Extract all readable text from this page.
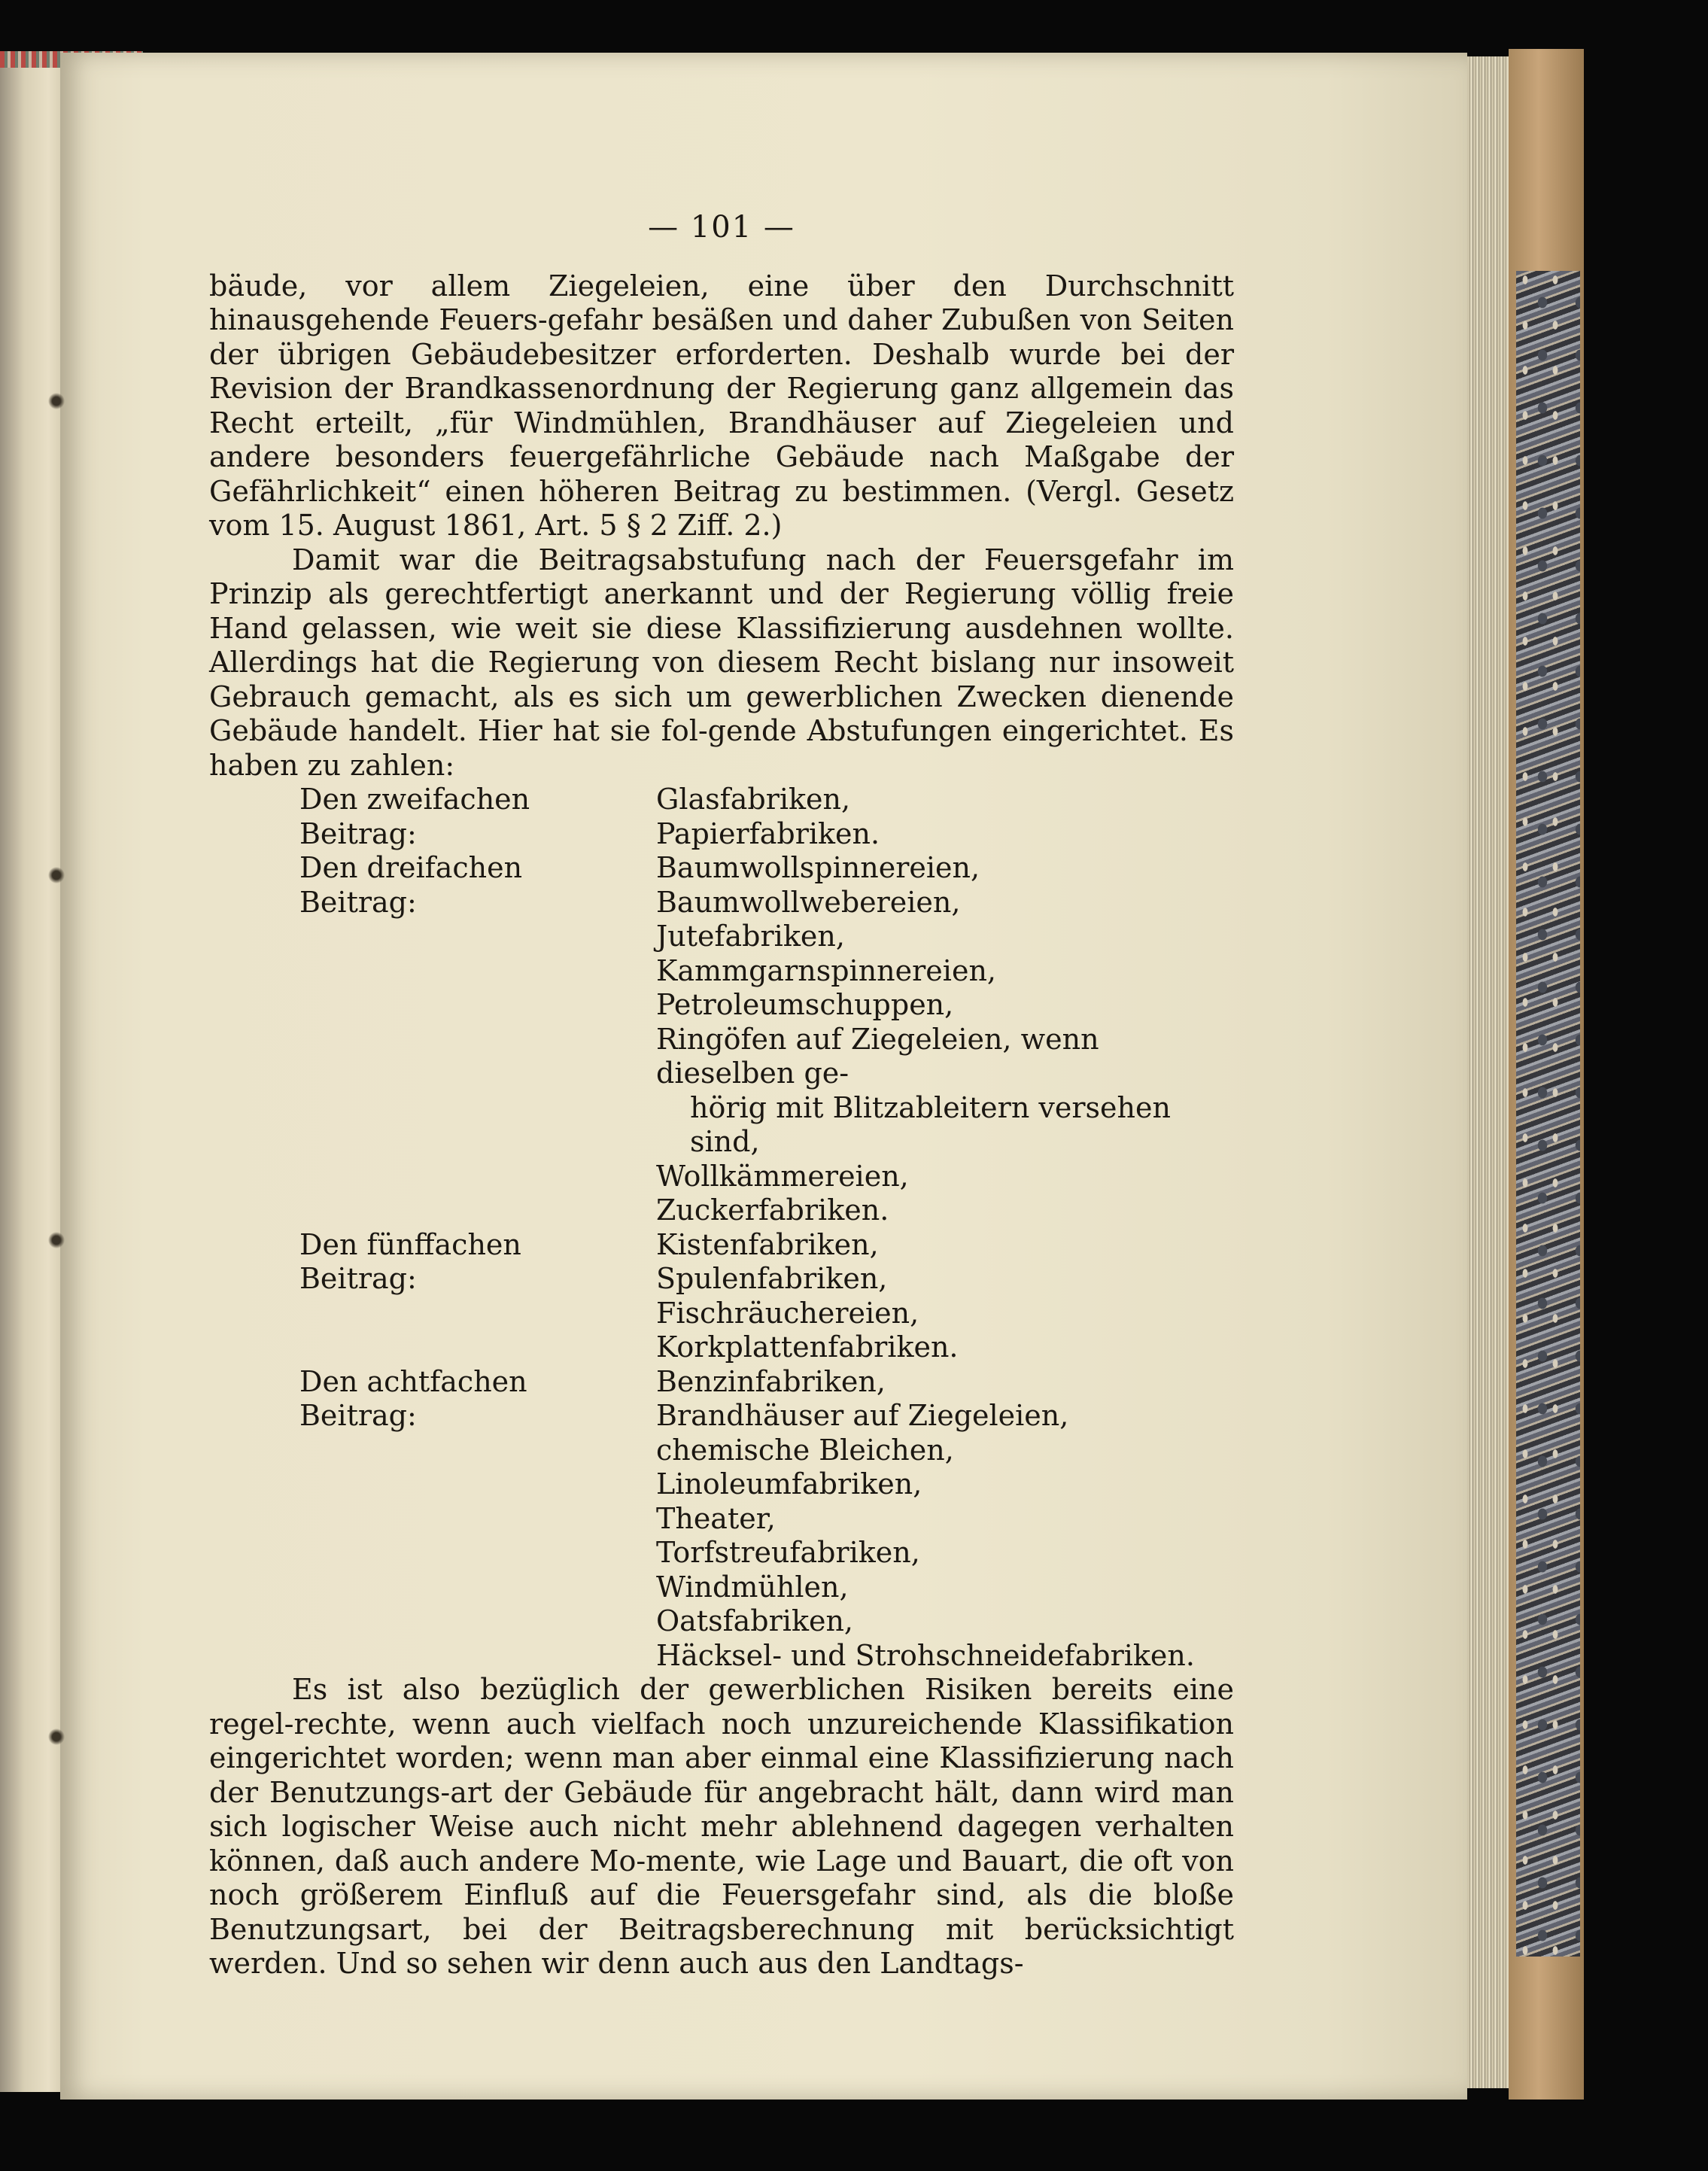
— 101 —

bäude, vor allem Ziegeleien, eine über den Durchschnitt hinausgehende Feuers-gefahr besäßen und daher Zubußen von Seiten der übrigen Gebäudebesitzer erforderten. Deshalb wurde bei der Revision der Brandkassenordnung der Regierung ganz allgemein das Recht erteilt, „für Windmühlen, Brandhäuser auf Ziegeleien und andere besonders feuergefährliche Gebäude nach Maßgabe der Gefährlichkeit“ einen höheren Beitrag zu bestimmen. (Vergl. Gesetz vom 15. August 1861, Art. 5 § 2 Ziff. 2.)

Damit war die Beitragsabstufung nach der Feuersgefahr im Prinzip als gerechtfertigt anerkannt und der Regierung völlig freie Hand gelassen, wie weit sie diese Klassifizierung ausdehnen wollte. Allerdings hat die Regierung von diesem Recht bislang nur insoweit Gebrauch gemacht, als es sich um gewerblichen Zwecken dienende Gebäude handelt. Hier hat sie fol-gende Abstufungen eingerichtet. Es haben zu zahlen:

Den zweifachen Beitrag:

Glasfabriken,

Papierfabriken.

Den dreifachen Beitrag:

Baumwollspinnereien,

Baumwollwebereien,

Jutefabriken,

Kammgarnspinnereien,

Petroleumschuppen,

Ringöfen auf Ziegeleien, wenn dieselben ge-

hörig mit Blitzableitern versehen sind,

Wollkämmereien,

Zuckerfabriken.

Den fünffachen Beitrag:

Kistenfabriken,

Spulenfabriken,

Fischräuchereien,

Korkplattenfabriken.

Den achtfachen Beitrag:

Benzinfabriken,

Brandhäuser auf Ziegeleien,

chemische Bleichen,

Linoleumfabriken,

Theater,

Torfstreufabriken,

Windmühlen,

Oatsfabriken,

Häcksel- und Strohschneidefabriken.

Es ist also bezüglich der gewerblichen Risiken bereits eine regel-rechte, wenn auch vielfach noch unzureichende Klassifikation eingerichtet worden; wenn man aber einmal eine Klassifizierung nach der Benutzungs-art der Gebäude für angebracht hält, dann wird man sich logischer Weise auch nicht mehr ablehnend dagegen verhalten können, daß auch andere Mo-mente, wie Lage und Bauart, die oft von noch größerem Einfluß auf die Feuersgefahr sind, als die bloße Benutzungsart, bei der Beitragsberechnung mit berücksichtigt werden. Und so sehen wir denn auch aus den Landtags-
